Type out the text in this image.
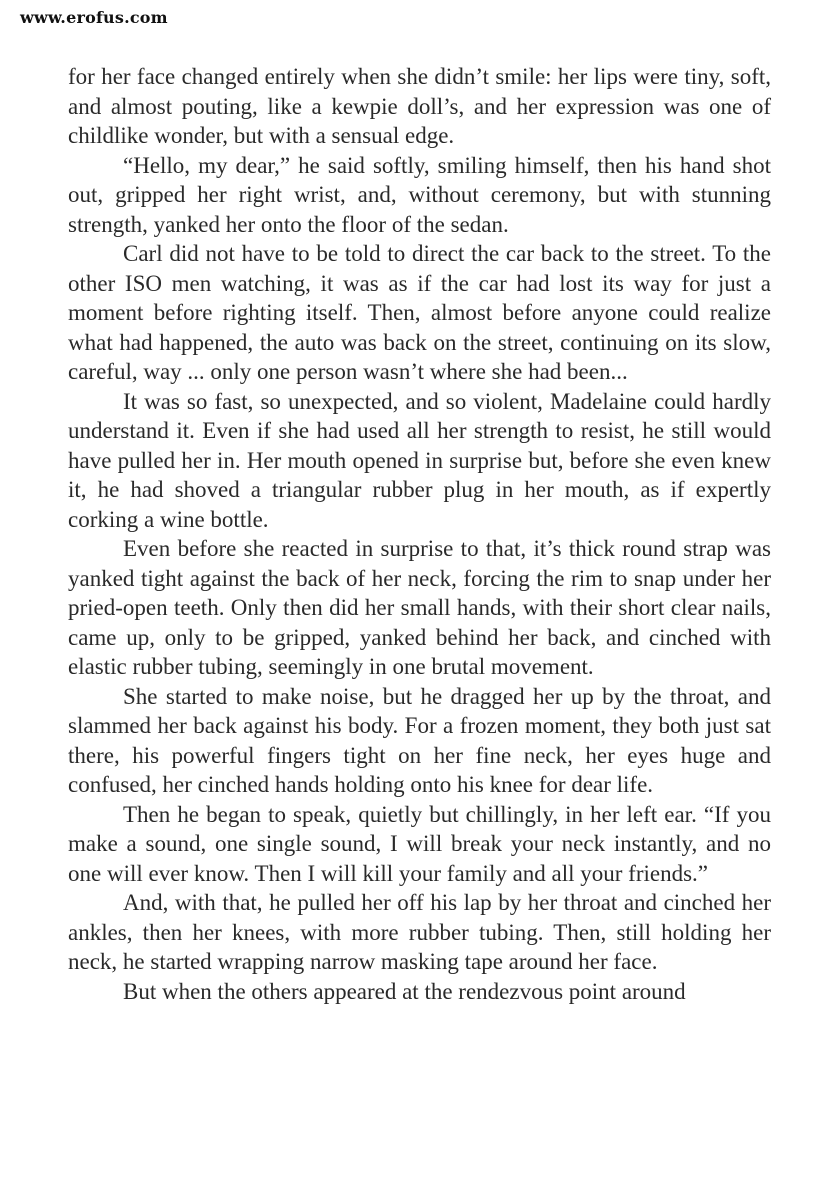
www.erofus.com

for her face changed entirely when she didn’t smile: her lips were tiny, soft, and almost pouting, like a kewpie doll’s, and her expression was one of childlike wonder, but with a sensual edge.

“Hello, my dear,” he said softly, smiling himself, then his hand shot out, gripped her right wrist, and, without ceremony, but with stunning strength, yanked her onto the floor of the sedan.

Carl did not have to be told to direct the car back to the street. To the other ISO men watching, it was as if the car had lost its way for just a moment before righting itself. Then, almost before anyone could realize what had happened, the auto was back on the street, continuing on its slow, careful, way ... only one person wasn’t where she had been...

It was so fast, so unexpected, and so violent, Madelaine could hardly understand it. Even if she had used all her strength to resist, he still would have pulled her in. Her mouth opened in surprise but, before she even knew it, he had shoved a triangular rubber plug in her mouth, as if expertly corking a wine bottle.

Even before she reacted in surprise to that, it’s thick round strap was yanked tight against the back of her neck, forcing the rim to snap under her pried-open teeth. Only then did her small hands, with their short clear nails, came up, only to be gripped, yanked behind her back, and cinched with elastic rubber tubing, seemingly in one brutal movement.

She started to make noise, but he dragged her up by the throat, and slammed her back against his body. For a frozen moment, they both just sat there, his powerful fingers tight on her fine neck, her eyes huge and confused, her cinched hands holding onto his knee for dear life.

Then he began to speak, quietly but chillingly, in her left ear. “If you make a sound, one single sound, I will break your neck instantly, and no one will ever know. Then I will kill your family and all your friends.”

And, with that, he pulled her off his lap by her throat and cinched her ankles, then her knees, with more rubber tubing. Then, still holding her neck, he started wrapping narrow masking tape around her face.

But when the others appeared at the rendezvous point around
